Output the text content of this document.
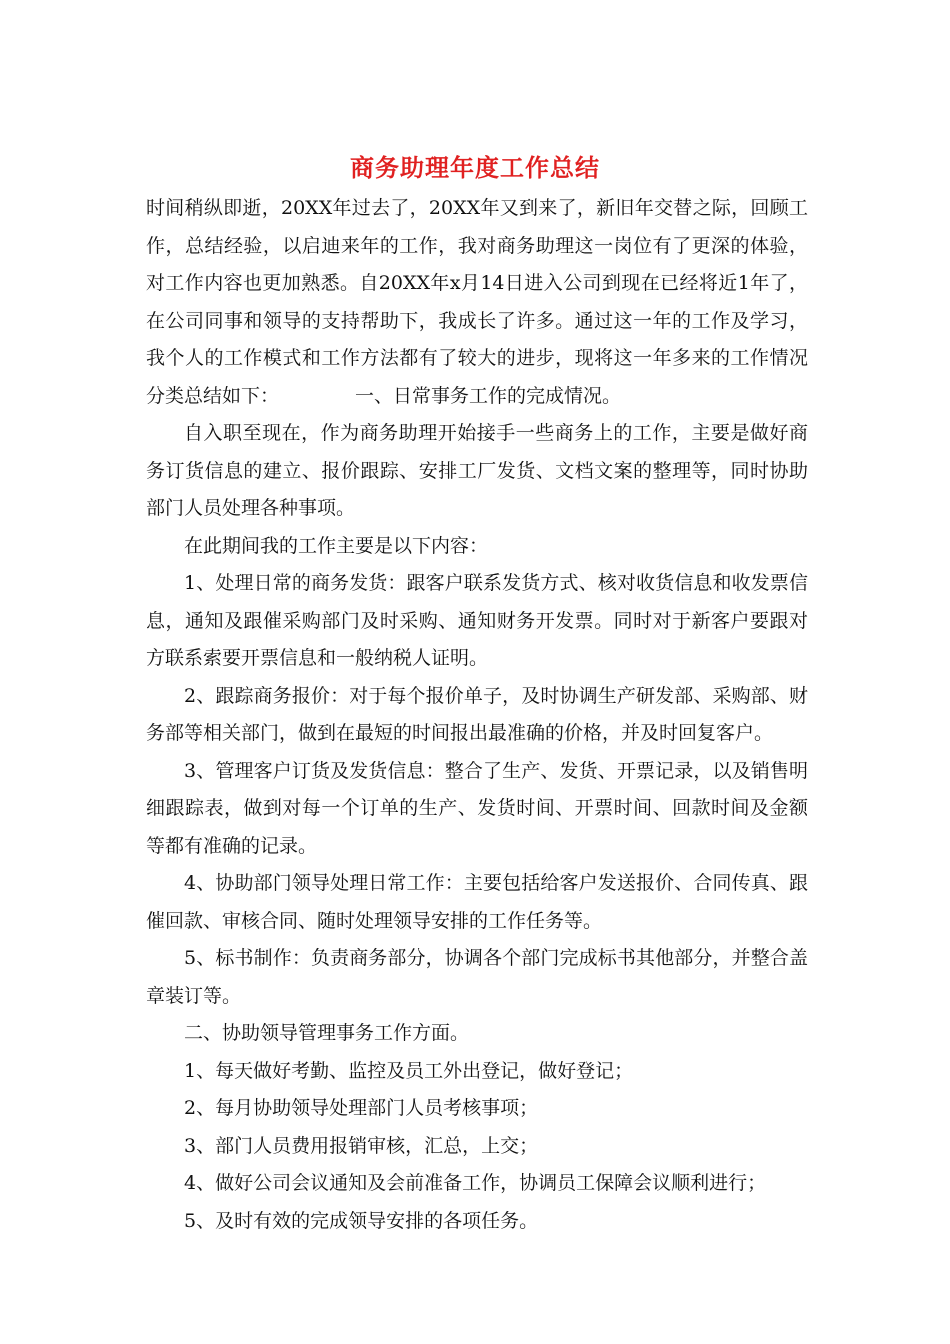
商务助理年度工作总结

时间稍纵即逝，20XX年过去了，20XX年又到来了，新旧年交替之际，回顾工作，总结经验，以启迪来年的工作，我对商务助理这一岗位有了更深的体验，对工作内容也更加熟悉。自20XX年x月14日进入公司到现在已经将近1年了，在公司同事和领导的支持帮助下，我成长了许多。通过这一年的工作及学习，我个人的工作模式和工作方法都有了较大的进步，现将这一年多来的工作情况分类总结如下：	一、日常事务工作的完成情况。

自入职至现在，作为商务助理开始接手一些商务上的工作，主要是做好商务订货信息的建立、报价跟踪、安排工厂发货、文档文案的整理等，同时协助部门人员处理各种事项。

在此期间我的工作主要是以下内容：

1、处理日常的商务发货：跟客户联系发货方式、核对收货信息和收发票信息，通知及跟催采购部门及时采购、通知财务开发票。同时对于新客户要跟对方联系索要开票信息和一般纳税人证明。

2、跟踪商务报价：对于每个报价单子，及时协调生产研发部、采购部、财务部等相关部门，做到在最短的时间报出最准确的价格，并及时回复客户。

3、管理客户订货及发货信息：整合了生产、发货、开票记录，以及销售明细跟踪表，做到对每一个订单的生产、发货时间、开票时间、回款时间及金额等都有准确的记录。

4、协助部门领导处理日常工作：主要包括给客户发送报价、合同传真、跟催回款、审核合同、随时处理领导安排的工作任务等。

5、标书制作：负责商务部分，协调各个部门完成标书其他部分，并整合盖章装订等。

二、协助领导管理事务工作方面。

1、每天做好考勤、监控及员工外出登记，做好登记；

2、每月协助领导处理部门人员考核事项；

3、部门人员费用报销审核，汇总，上交；

4、做好公司会议通知及会前准备工作，协调员工保障会议顺利进行；

5、及时有效的完成领导安排的各项任务。
